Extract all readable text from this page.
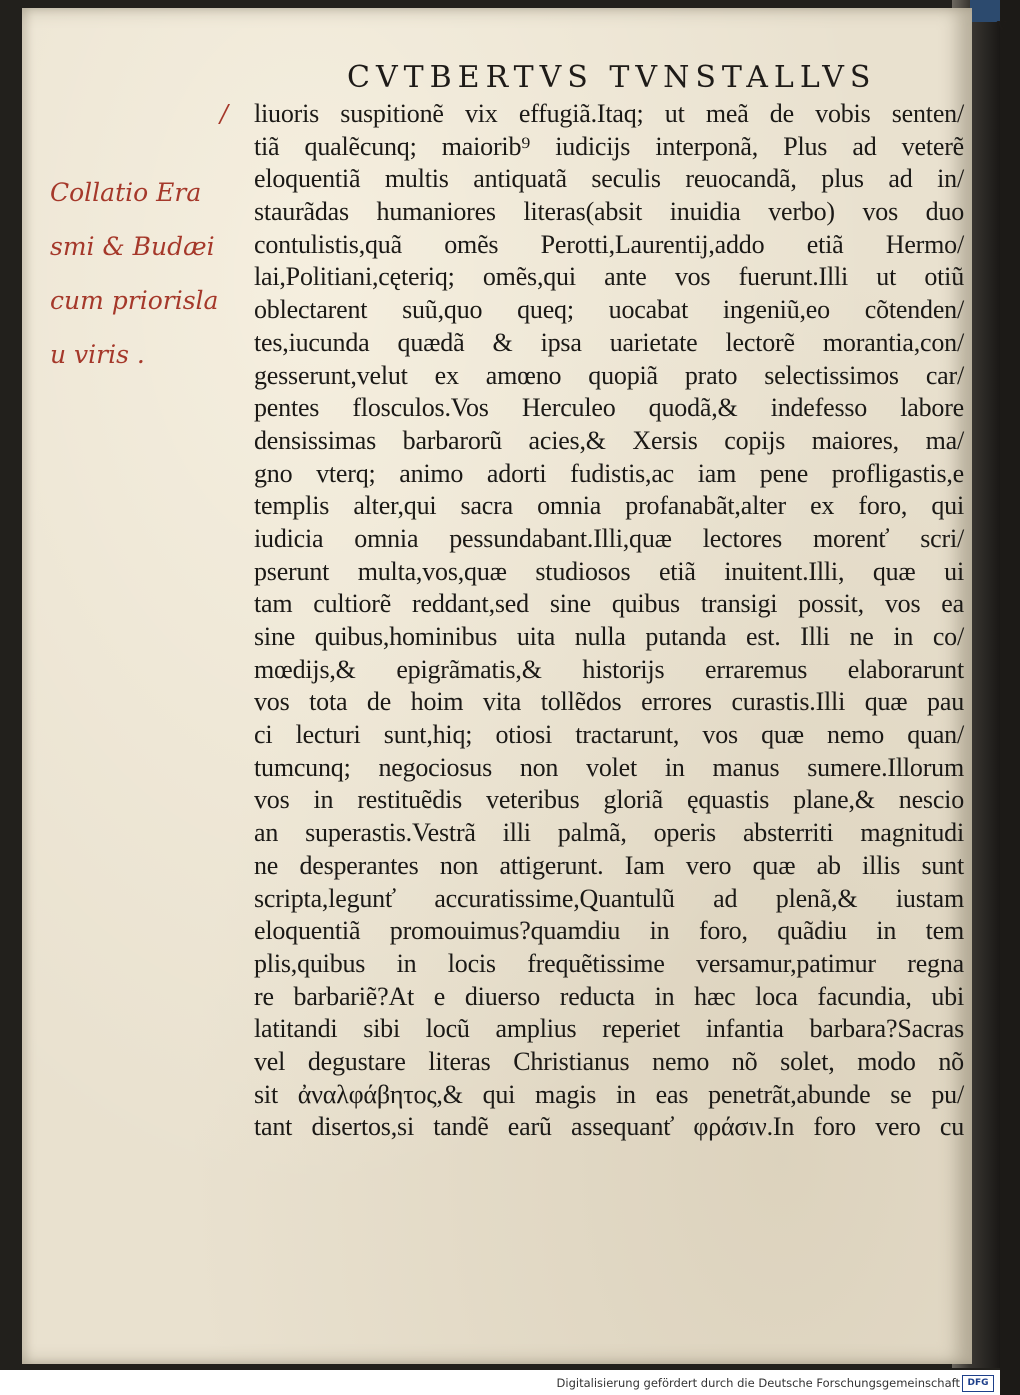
v
CVTBERTVS TVNSTALLVS
/
Collatio Era
smi & Budæi
cum priorisla
u viris .
liuoris suspitionẽ vix effugiã.Itaq; ut meã de vobis senten/
tiã qualẽcunq; maiorib⁹ iudicijs interponã, Plus ad veterẽ
eloquentiã multis antiquatã seculis reuocandã, plus ad in/
staurãdas humaniores literas(absit inuidia verbo) vos duo
contulistis,quã omẽs Perotti,Laurentij,addo etiã Hermo/
lai,Politiani,cęteriq; omẽs,qui ante vos fuerunt.Illi ut otiũ
oblectarent suũ,quo queq; uocabat ingeniũ,eo cõtenden/
tes,iucunda quædã & ipsa uarietate lectorẽ morantia,con/
gesserunt,velut ex amœno quopiã prato selectissimos car/
pentes flosculos.Vos Herculeo quodã,& indefesso labore
densissimas barbarorũ acies,& Xersis copijs maiores, ma/
gno vterq; animo adorti fudistis,ac iam pene profligastis,e
templis alter,qui sacra omnia profanabãt,alter ex foro, qui
iudicia omnia pessundabant.Illi,quæ lectores morenť scri/
pserunt multa,vos,quæ studiosos etiã inuitent.Illi, quæ ui
tam cultiorẽ reddant,sed sine quibus transigi possit, vos ea
sine quibus,hominibus uita nulla putanda est. Illi ne in co/
mœdijs,& epigrãmatis,& historijs erraremus elaborarunt
vos tota de hoim vita tollẽdos errores curastis.Illi quæ pau
ci lecturi sunt,hiq; otiosi tractarunt, vos quæ nemo quan/
tumcunq; negociosus non volet in manus sumere.Illorum
vos in restituẽdis veteribus gloriã ęquastis plane,& nescio
an superastis.Vestrã illi palmã, operis absterriti magnitudi
ne desperantes non attigerunt. Iam vero quæ ab illis sunt
scripta,legunť accuratissime,Quantulũ ad plenã,& iustam
eloquentiã promouimus?quamdiu in foro, quãdiu in tem
plis,quibus in locis frequẽtissime versamur,patimur regna
re barbariẽ?At e diuerso reducta in hæc loca facundia, ubi
latitandi sibi locũ amplius reperiet infantia barbara?Sacras
vel degustare literas Christianus nemo nõ solet, modo nõ
sit ἀναλφάβητος,& qui magis in eas penetrãt,abunde se pu/
tant disertos,si tandẽ earũ assequanť φράσιν.In foro vero cu
Digitalisierung gefördert durch die Deutsche Forschungsgemeinschaft DFG
